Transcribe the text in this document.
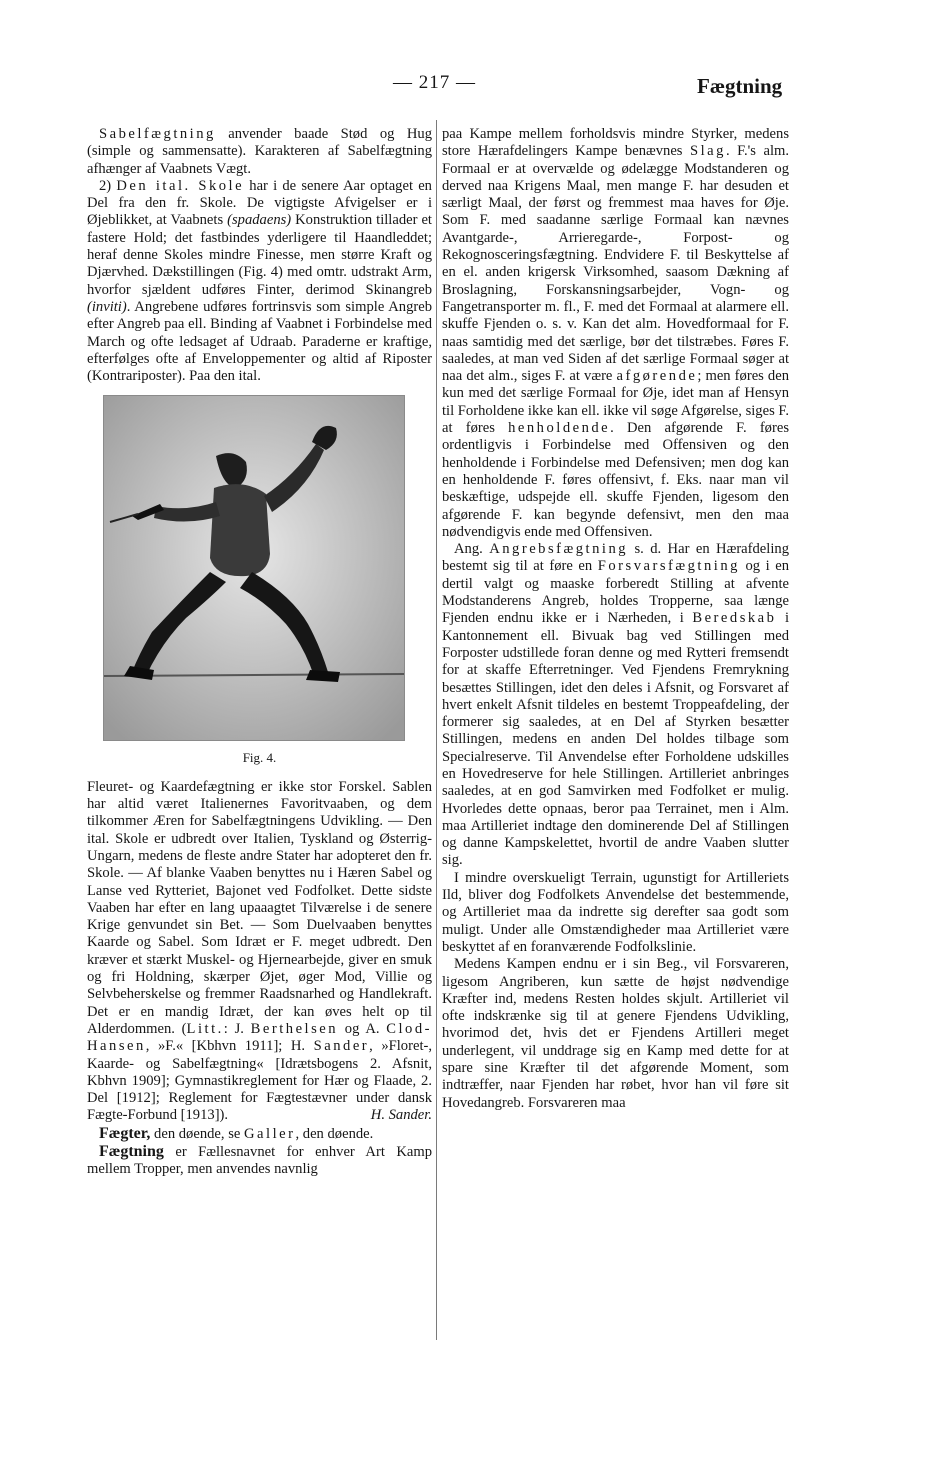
— 217 —	Fægtning

Sabelfægtning anvender baade Stød og Hug (simple og sammensatte). Karakteren af Sabelfægtning afhænger af Vaabnets Vægt.

2) Den ital. Skole har i de senere Aar optaget en Del fra den fr. Skole. De vigtigste Afvigelser er i Øjeblikket, at Vaabnets (spadaens) Konstruktion tillader et fastere Hold; det fastbindes yderligere til Haandleddet; heraf denne Skoles mindre Finesse, men større Kraft og Djærvhed. Dækstillingen (Fig. 4) med omtr. udstrakt Arm, hvorfor sjældent udføres Finter, derimod Skinangreb (inviti). Angrebene udføres fortrinsvis som simple Angreb efter Angreb paa ell. Binding af Vaabnet i Forbindelse med March og ofte ledsaget af Udraab. Paraderne er kraftige, efterfølges ofte af Enveloppementer og altid af Riposter (Kontrariposter). Paa den ital.

Fig. 4.

Fleuret- og Kaardefægtning er ikke stor Forskel. Sablen har altid været Italienernes Favoritvaaben, og dem tilkommer Æren for Sabelfægtningens Udvikling. — Den ital. Skole er udbredt over Italien, Tyskland og Østerrig-Ungarn, medens de fleste andre Stater har adopteret den fr. Skole. — Af blanke Vaaben benyttes nu i Hæren Sabel og Lanse ved Rytteriet, Bajonet ved Fodfolket. Dette sidste Vaaben har efter en lang upaaagtet Tilværelse i de senere Krige genvundet sin Bet. — Som Duelvaaben benyttes Kaarde og Sabel. Som Idræt er F. meget udbredt. Den kræver et stærkt Muskel- og Hjernearbejde, giver en smuk og fri Holdning, skærper Øjet, øger Mod, Villie og Selvbeherskelse og fremmer Raadsnarhed og Handlekraft. Det er en mandig Idræt, der kan øves helt op til Alderdommen. (Litt.: J. Berthelsen og A. Clod-Hansen, »F.« [Kbhvn 1911]; H. Sander, »Floret-, Kaarde- og Sabelfægtning« [Idrætsbogens 2. Afsnit, Kbhvn 1909]; Gymnastikreglement for Hær og Flaade, 2. Del [1912]; Reglement for Fægtestævner under dansk Fægte-Forbund [1913]).	H. Sander.

Fægter, den døende, se Galler, den døende.

Fægtning er Fællesnavnet for enhver Art Kamp mellem Tropper, men anvendes navnlig

paa Kampe mellem forholdsvis mindre Styrker, medens store Hærafdelingers Kampe benævnes Slag. F.'s alm. Formaal er at overvælde og ødelægge Modstanderen og derved naa Krigens Maal, men mange F. har desuden et særligt Maal, der først og fremmest maa haves for Øje. Som F. med saadanne særlige Formaal kan nævnes Avantgarde-, Arrieregarde-, Forpost- og Rekognosceringsfægtning. Endvidere F. til Beskyttelse af en el. anden krigersk Virksomhed, saasom Dækning af Broslagning, Forskansningsarbejder, Vogn- og Fangetransporter m. fl., F. med det Formaal at alarmere ell. skuffe Fjenden o. s. v. Kan det alm. Hovedformaal for F. naas samtidig med det særlige, bør det tilstræbes. Føres F. saaledes, at man ved Siden af det særlige Formaal søger at naa det alm., siges F. at være afgørende; men føres den kun med det særlige Formaal for Øje, idet man af Hensyn til Forholdene ikke kan ell. ikke vil søge Afgørelse, siges F. at føres henholdende. Den afgørende F. føres ordentligvis i Forbindelse med Offensiven og den henholdende i Forbindelse med Defensiven; men dog kan en henholdende F. føres offensivt, f. Eks. naar man vil beskæftige, udspejde ell. skuffe Fjenden, ligesom den afgørende F. kan begynde defensivt, men den maa nødvendigvis ende med Offensiven.

Ang. Angrebsfægtning s. d. Har en Hærafdeling bestemt sig til at føre en Forsvarsfægtning og i en dertil valgt og maaske forberedt Stilling at afvente Modstanderens Angreb, holdes Tropperne, saa længe Fjenden endnu ikke er i Nærheden, i Beredskab i Kantonnement ell. Bivuak bag ved Stillingen med Forposter udstillede foran denne og med Rytteri fremsendt for at skaffe Efterretninger. Ved Fjendens Fremrykning besættes Stillingen, idet den deles i Afsnit, og Forsvaret af hvert enkelt Afsnit tildeles en bestemt Troppeafdeling, der formerer sig saaledes, at en Del af Styrken besætter Stillingen, medens en anden Del holdes tilbage som Specialreserve. Til Anvendelse efter Forholdene udskilles en Hovedreserve for hele Stillingen. Artilleriet anbringes saaledes, at en god Samvirken med Fodfolket er mulig. Hvorledes dette opnaas, beror paa Terrainet, men i Alm. maa Artilleriet indtage den dominerende Del af Stillingen og danne Kampskelettet, hvortil de andre Vaaben slutter sig.

I mindre overskueligt Terrain, ugunstigt for Artilleriets Ild, bliver dog Fodfolkets Anvendelse det bestemmende, og Artilleriet maa da indrette sig derefter saa godt som muligt. Under alle Omstændigheder maa Artilleriet være beskyttet af en foranværende Fodfolkslinie.

Medens Kampen endnu er i sin Beg., vil Forsvareren, ligesom Angriberen, kun sætte de højst nødvendige Kræfter ind, medens Resten holdes skjult. Artilleriet vil ofte indskrænke sig til at genere Fjendens Udvikling, hvorimod det, hvis det er Fjendens Artilleri meget underlegent, vil unddrage sig en Kamp med dette for at spare sine Kræfter til det afgørende Moment, som indtræffer, naar Fjenden har røbet, hvor han vil føre sit Hovedangreb. Forsvareren maa
